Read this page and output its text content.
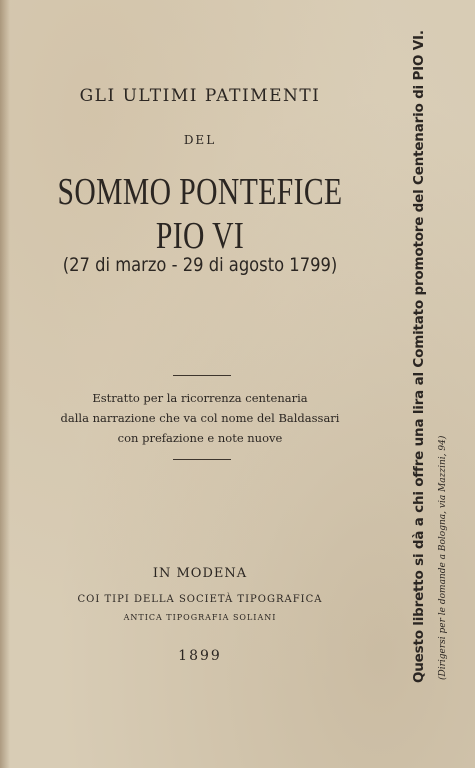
GLI ULTIMI PATIMENTI
DEL
SOMMO PONTEFICE PIO VI
(27 di marzo - 29 di agosto 1799)
Estratto per la ricorrenza centenaria
dalla narrazione che va col nome del Baldassari
con prefazione e note nuove
IN MODENA
COI TIPI DELLA SOCIETÀ TIPOGRAFICA
ANTICA TIPOGRAFIA SOLIANI
1899	Questo libretto si dà a chi offre una lira al Comitato promotore del Centenario di PIO VI. (Dirigersi per le domande a Bologna, via Mazzini, 94)
